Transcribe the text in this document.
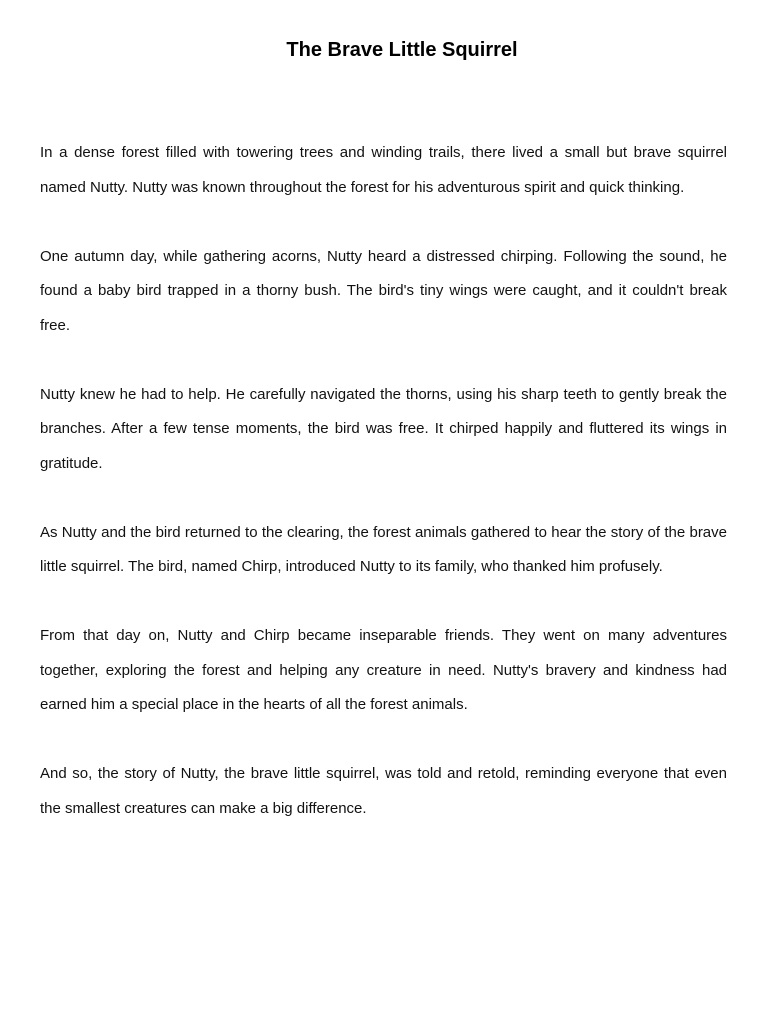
The Brave Little Squirrel

In a dense forest filled with towering trees and winding trails, there lived a small but brave squirrel named Nutty. Nutty was known throughout the forest for his adventurous spirit and quick thinking.

One autumn day, while gathering acorns, Nutty heard a distressed chirping. Following the sound, he found a baby bird trapped in a thorny bush. The bird's tiny wings were caught, and it couldn't break free.

Nutty knew he had to help. He carefully navigated the thorns, using his sharp teeth to gently break the branches. After a few tense moments, the bird was free. It chirped happily and fluttered its wings in gratitude.

As Nutty and the bird returned to the clearing, the forest animals gathered to hear the story of the brave little squirrel. The bird, named Chirp, introduced Nutty to its family, who thanked him profusely.

From that day on, Nutty and Chirp became inseparable friends. They went on many adventures together, exploring the forest and helping any creature in need. Nutty's bravery and kindness had earned him a special place in the hearts of all the forest animals.

And so, the story of Nutty, the brave little squirrel, was told and retold, reminding everyone that even the smallest creatures can make a big difference.
